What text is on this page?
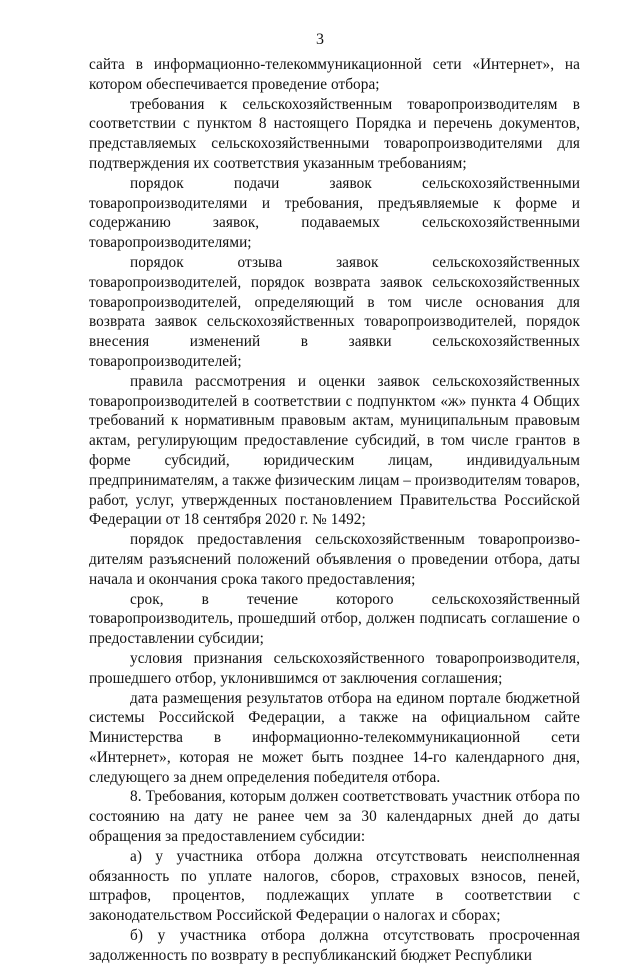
3

сайта в информационно-телекоммуникационной сети «Интернет», на котором обеспечивается проведение отбора;

требования к сельскохозяйственным товаропроизводителям в соответствии с пунктом 8 настоящего Порядка и перечень документов, представляемых сельскохозяйственными товаропроизводителями для подтверждения их соответствия указанным требованиям;

порядок подачи заявок сельскохозяйственными товаропроизводителями и требования, предъявляемые к форме и содержанию заявок, подаваемых сельскохозяйственными товаропроизводителями;

порядок отзыва заявок сельскохозяйственных товаропроизводителей, порядок возврата заявок сельскохозяйственных товаропроизводителей, определяющий в том числе основания для возврата заявок сельскохозяйственных товаропроизводителей, порядок внесения изменений в заявки сельскохозяйственных товаропроизводителей;

правила рассмотрения и оценки заявок сельскохозяйственных товаропроизводителей в соответствии с подпунктом «ж» пункта 4 Общих требований к нормативным правовым актам, муниципальным правовым актам, регулирующим предоставление субсидий, в том числе грантов в форме субсидий, юридическим лицам, индивидуальным предпринимателям, а также физическим лицам – производителям товаров, работ, услуг, утвержденных постановлением Правительства Российской Федерации от 18 сентября 2020 г. № 1492;

порядок предоставления сельскохозяйственным товаропроизво-дителям разъяснений положений объявления о проведении отбора, даты начала и окончания срока такого предоставления;

срок, в течение которого сельскохозяйственный товаропроизводитель, прошедший отбор, должен подписать соглашение о предоставлении субсидии;

условия признания сельскохозяйственного товаропроизводителя, прошедшего отбор, уклонившимся от заключения соглашения;

дата размещения результатов отбора на едином портале бюджетной системы Российской Федерации, а также на официальном сайте Министерства в информационно-телекоммуникационной сети «Интернет», которая не может быть позднее 14-го календарного дня, следующего за днем определения победителя отбора.

8. Требования, которым должен соответствовать участник отбора по состоянию на дату не ранее чем за 30 календарных дней до даты обращения за предоставлением субсидии:

а) у участника отбора должна отсутствовать неисполненная обязанность по уплате налогов, сборов, страховых взносов, пеней, штрафов, процентов, подлежащих уплате в соответствии с законодательством Российской Федерации о налогах и сборах;

б) у участника отбора должна отсутствовать просроченная задолженность по возврату в республиканский бюджет Республики
